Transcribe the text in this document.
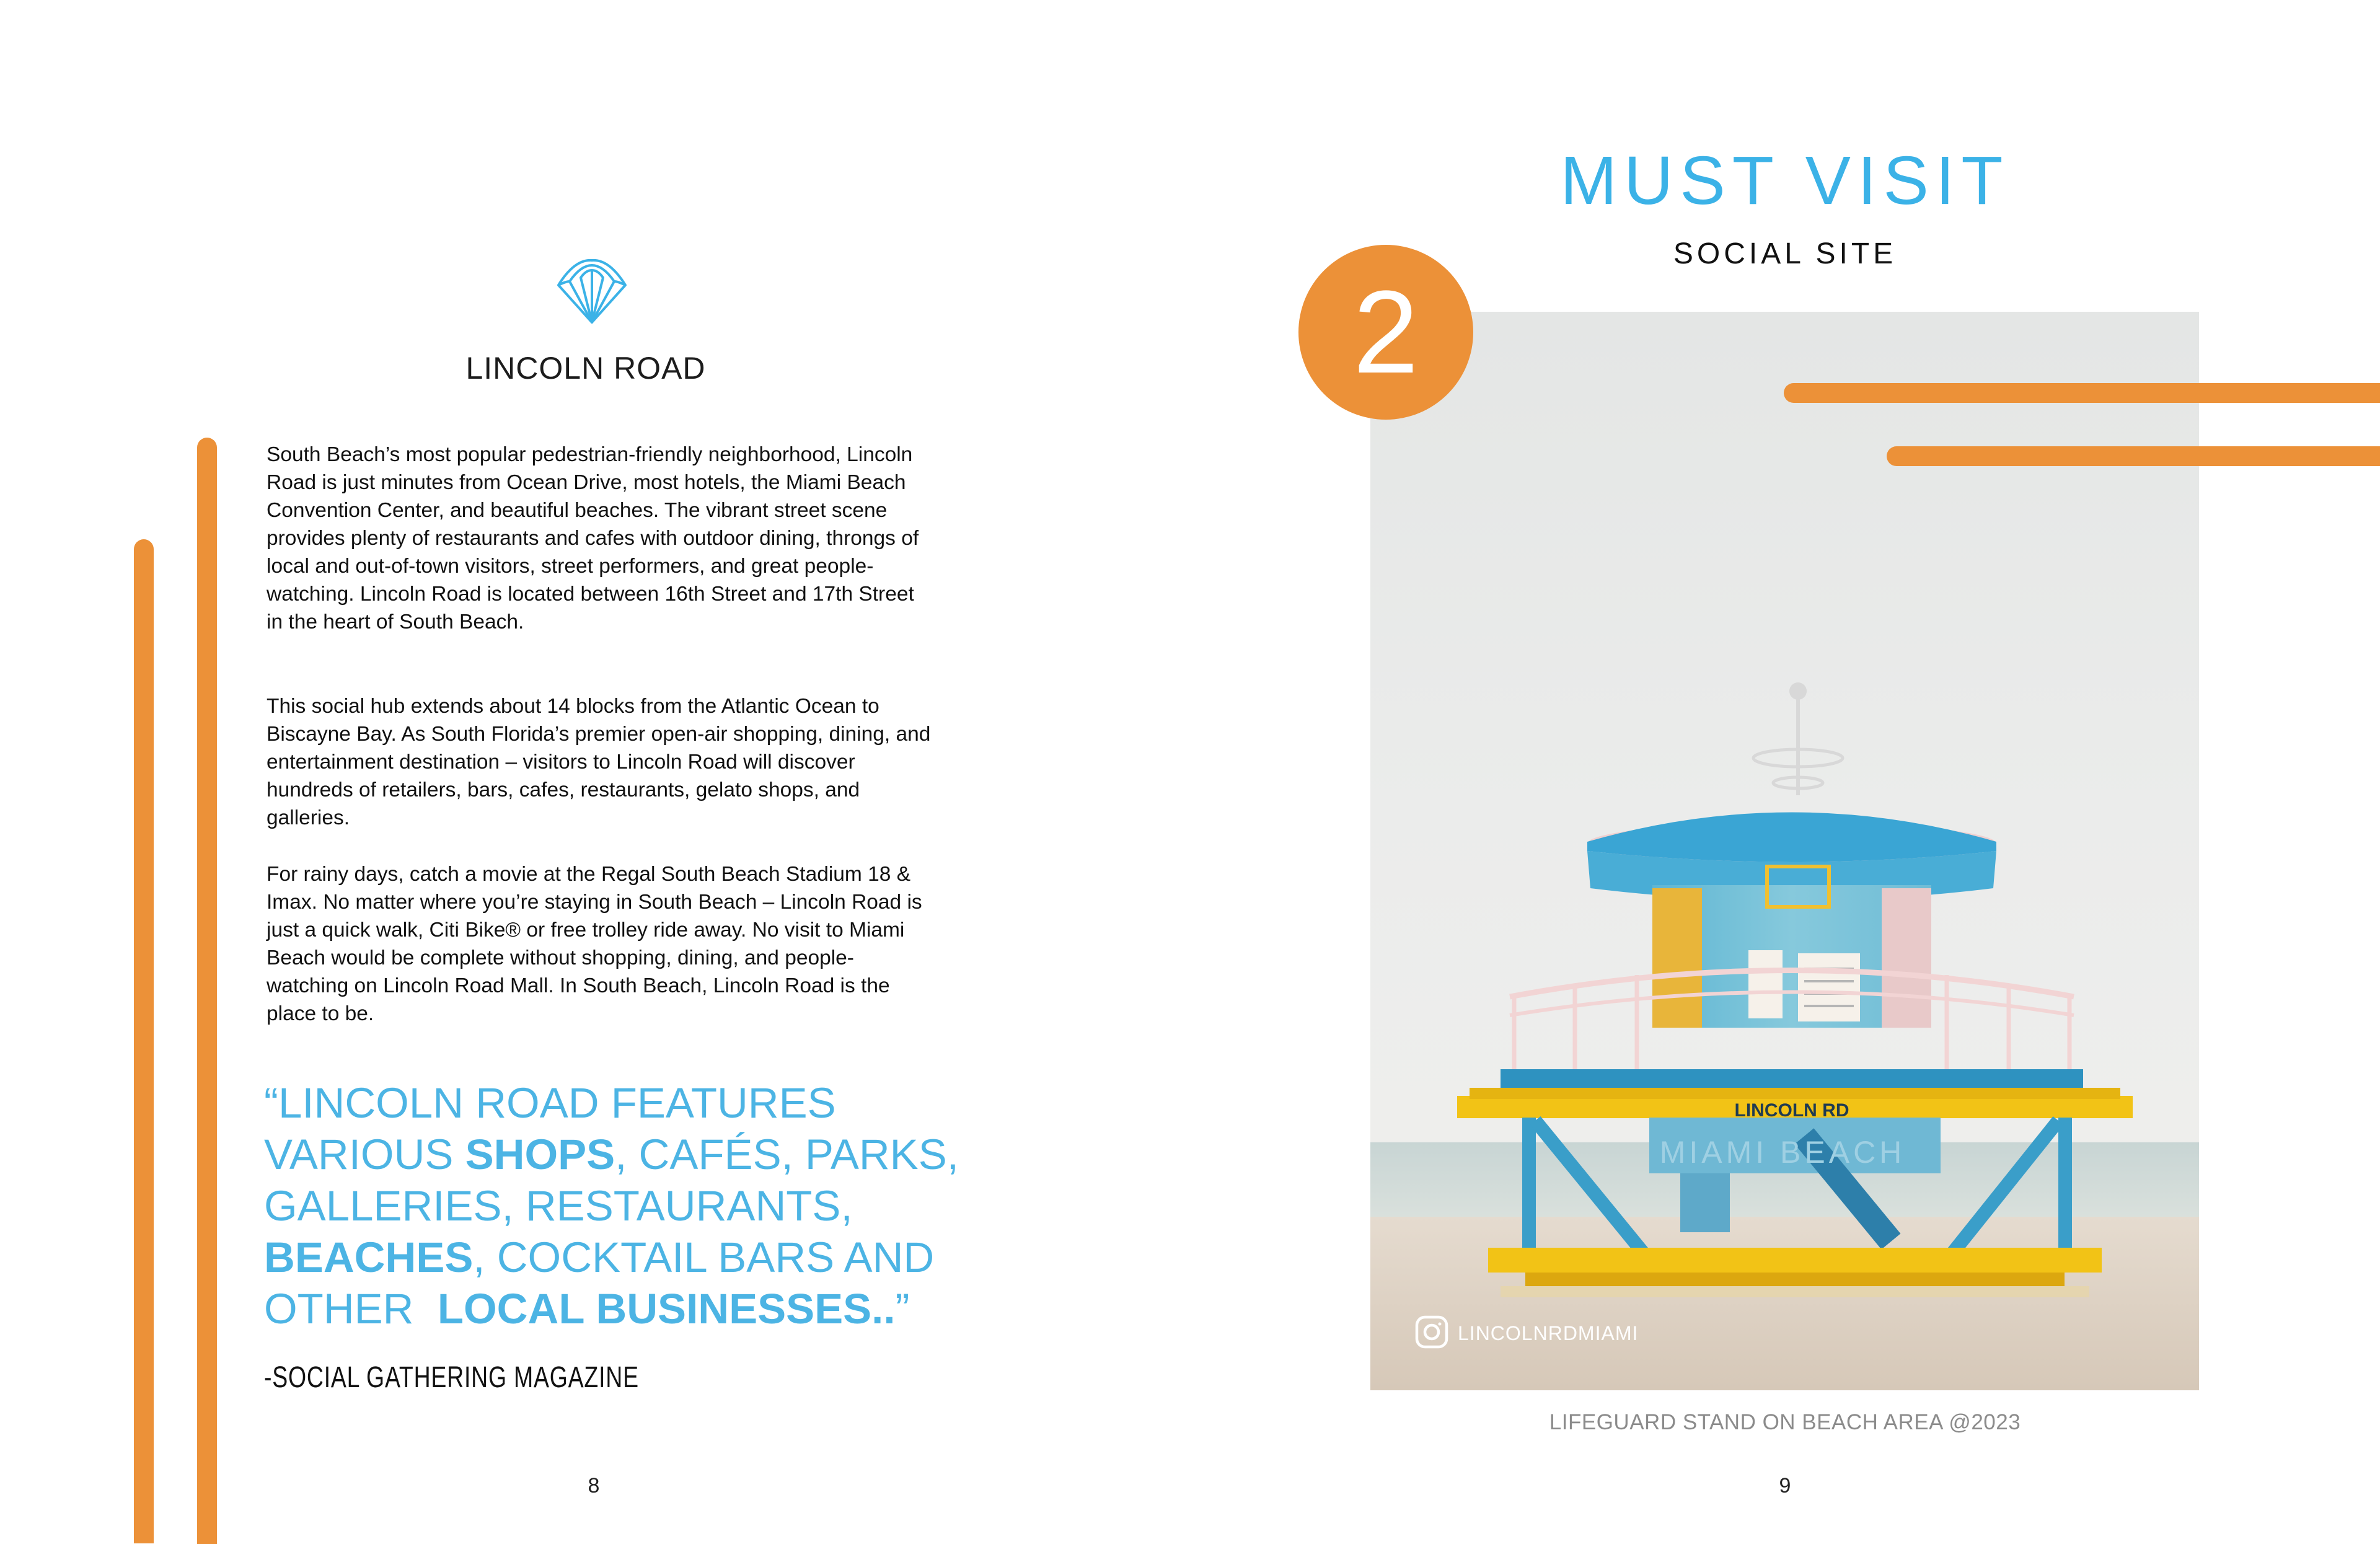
LINCOLN ROAD
South Beach’s most popular pedestrian-friendly neighborhood, Lincoln Road is just minutes from Ocean Drive, most hotels, the Miami Beach Convention Center, and beautiful beaches. The vibrant street scene provides plenty of restaurants and cafes with outdoor dining, throngs of local and out-of-town visitors, street performers, and great people-watching. Lincoln Road is located between 16th Street and 17th Street in the heart of South Beach.
This social hub extends about 14 blocks from the Atlantic Ocean to Biscayne Bay. As South Florida’s premier open-air shopping, dining, and entertainment destination – visitors to Lincoln Road will discover hundreds of retailers, bars, cafes, restaurants, gelato shops, and galleries.
For rainy days, catch a movie at the Regal South Beach Stadium 18 & Imax. No matter where you’re staying in South Beach – Lincoln Road is just a quick walk, Citi Bike® or free trolley ride away. No visit to Miami Beach would be complete without shopping, dining, and people-watching on Lincoln Road Mall. In South Beach, Lincoln Road is the place to be.
“LINCOLN ROAD FEATURES VARIOUS SHOPS, CAFÉS, PARKS, GALLERIES, RESTAURANTS, BEACHES, COCKTAIL BARS AND OTHER  LOCAL BUSINESSES..”
-SOCIAL GATHERING MAGAZINE
8
MUST VISIT
SOCIAL SITE
LINCOLN RD
MIAMI BEACH
2
LINCOLNRDMIAMI
LIFEGUARD STAND ON BEACH AREA @2023
9
